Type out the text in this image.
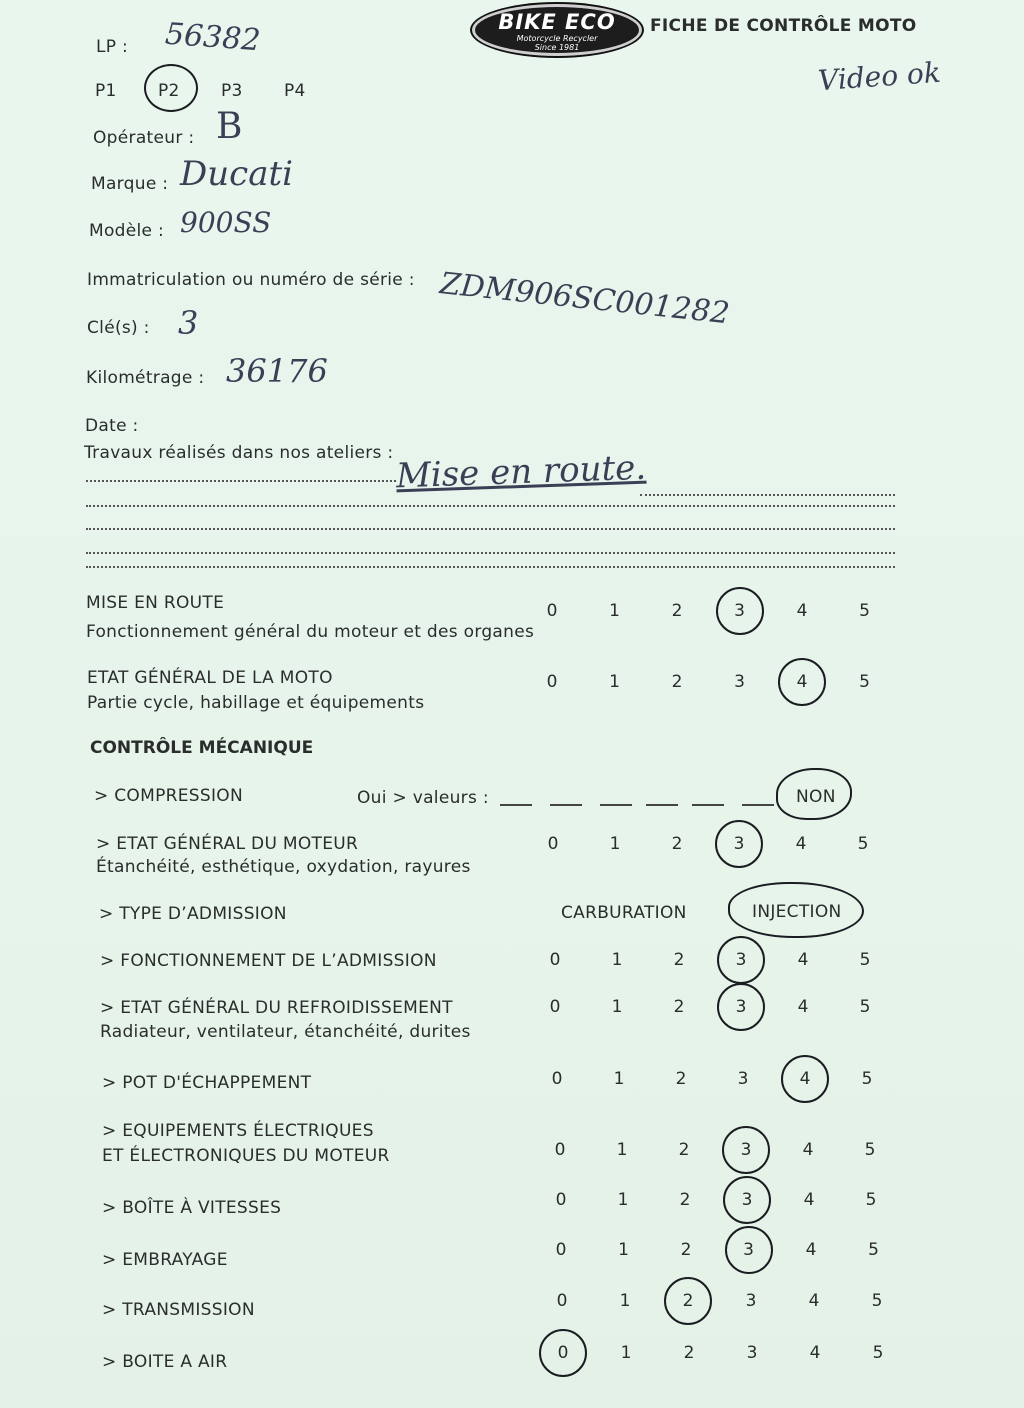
BIKE ECO
Motorcycle Recycler
Since 1981
FICHE DE CONTRÔLE MOTO
Video ok
LP : 56382
P1 P2 P3 P4
Opérateur : B
Marque : Ducati
Modèle : 900SS
Immatriculation ou numéro de série : ZDM906SC001282
Clé(s) : 3
Kilométrage : 36176
Date :
Travaux réalisés dans nos ateliers : Mise en route.
MISE EN ROUTE
Fonctionnement général du moteur et des organes
0	1	2	3	4	5
ETAT GÉNÉRAL DE LA MOTO
Partie cycle, habillage et équipements
0	1	2	3	4	5
> ETAT GÉNÉRAL DU MOTEUR
Étanchéité, esthétique, oxydation, rayures
0	1	2	3	4	5
> FONCTIONNEMENT DE L’ADMISSION	0	1	2	3	4	5
> ETAT GÉNÉRAL DU REFROIDISSEMENT
Radiateur, ventilateur, étanchéité, durites
0	1	2	3	4	5
> POT D'ÉCHAPPEMENT	0	1	2	3	4	5
> EQUIPEMENTS ÉLECTRIQUES
ET ÉLECTRONIQUES DU MOTEUR	0	1	2	3	4	5
> BOÎTE À VITESSES	0	1	2	3	4	5
> EMBRAYAGE	0	1	2	3	4	5
> TRANSMISSION	0	1	2	3	4	5
> BOITE A AIR	0	1	2	3	4	5
CONTRÔLE MÉCANIQUE
> COMPRESSION	Oui > valeurs :	NON
> TYPE D’ADMISSION	CARBURATION	INJECTION
